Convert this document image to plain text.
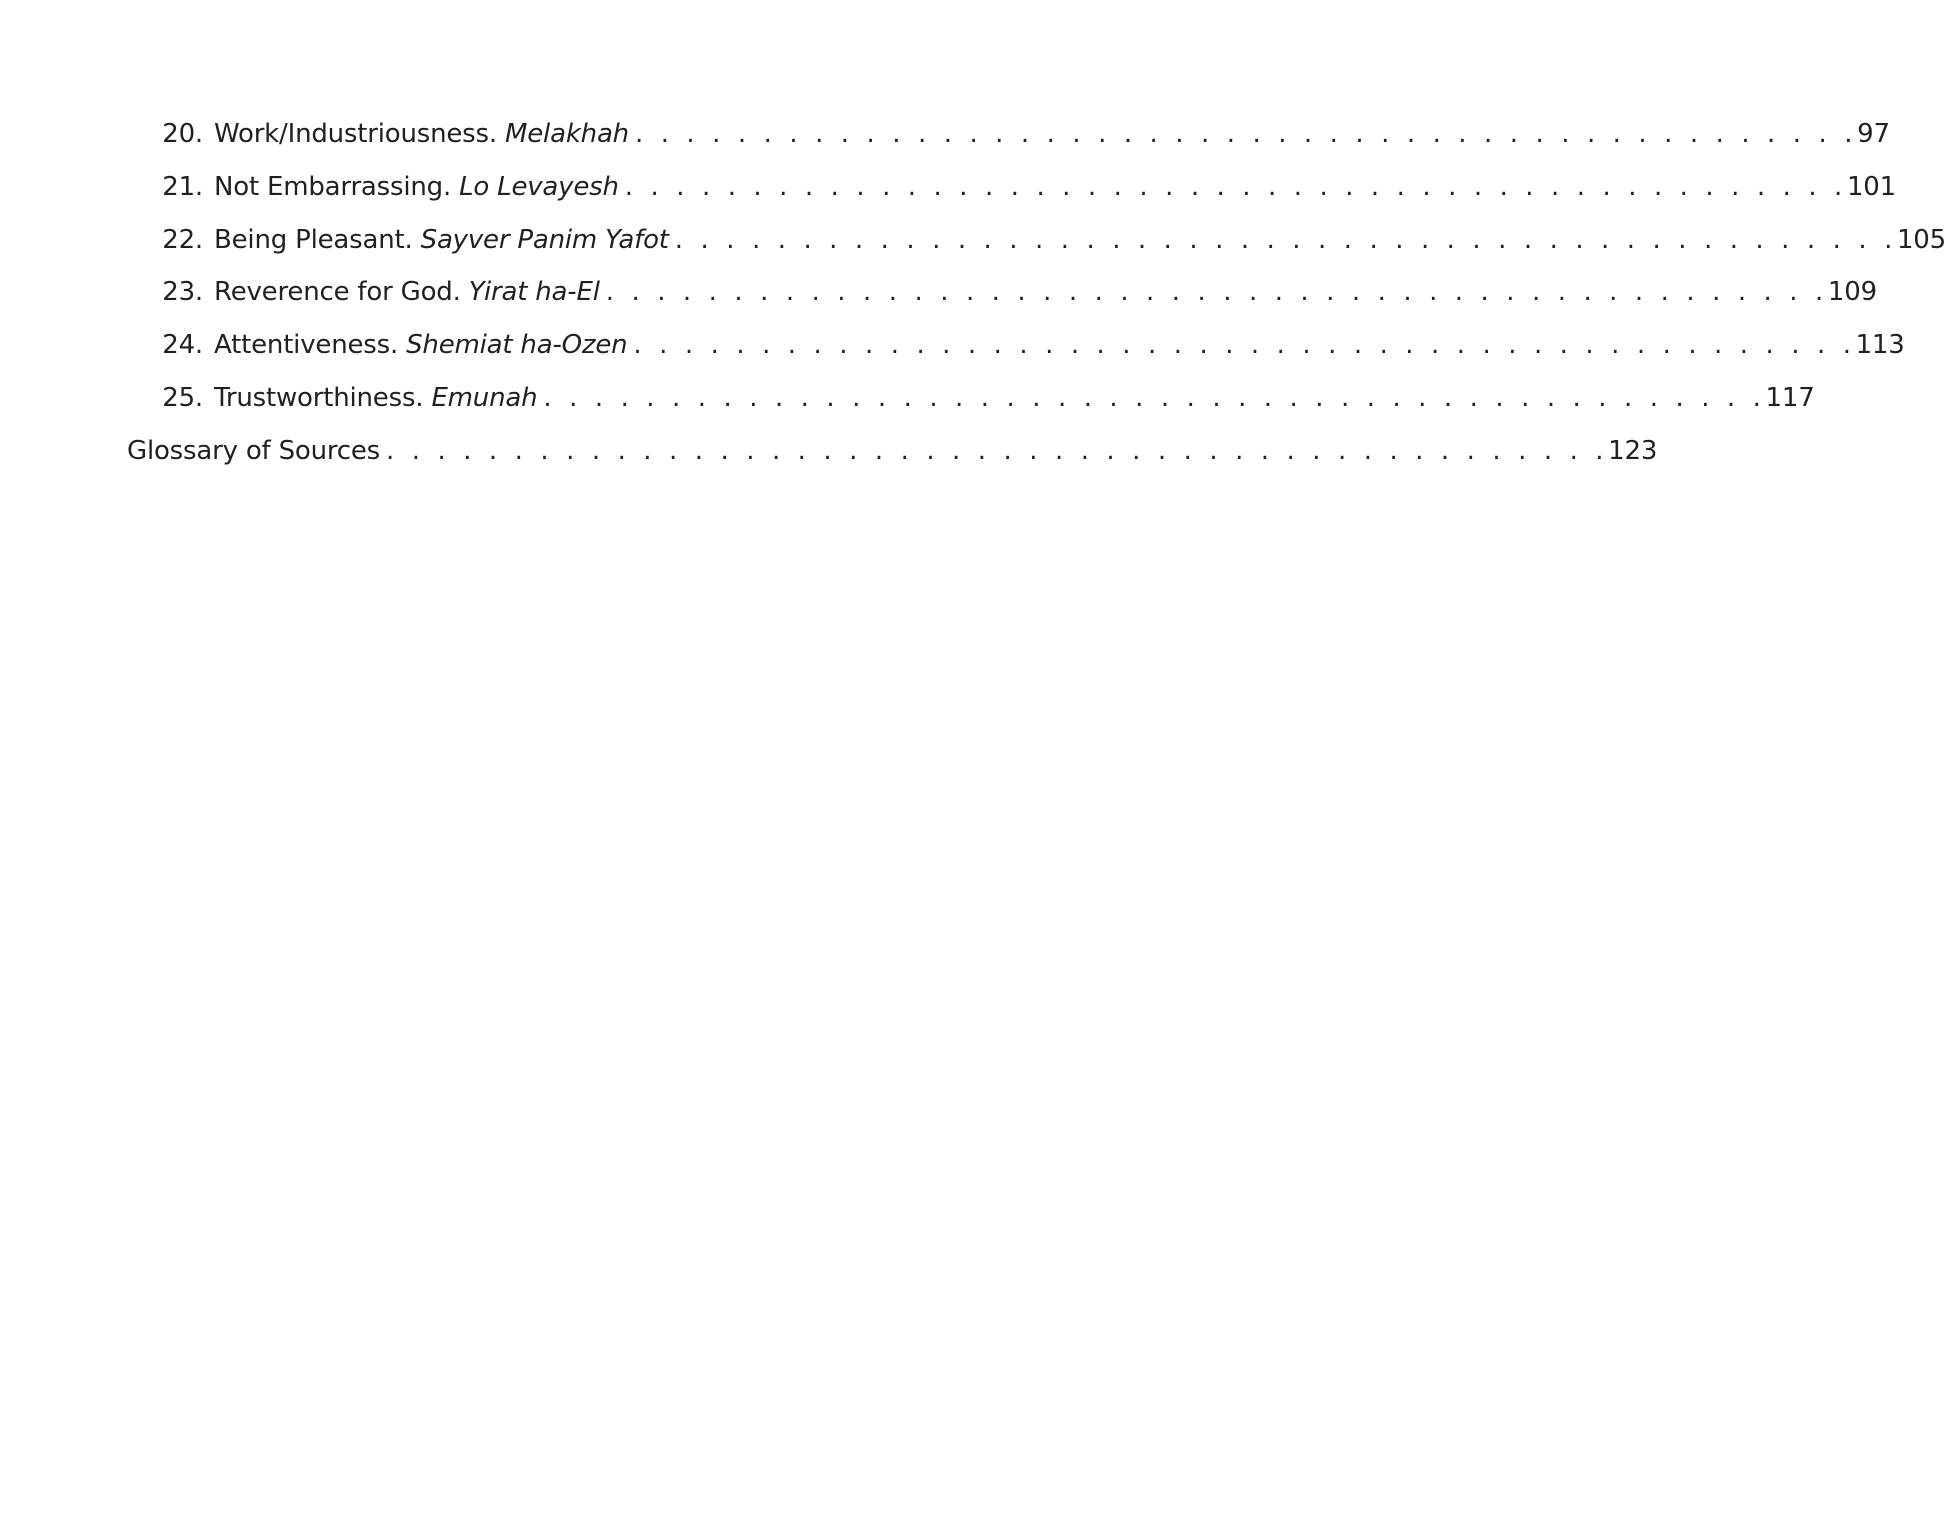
20. Work/Industriousness.
Melakhah . . . . . . . . . . . . . . . . . . . . . . . . . . . . . . . . . . . . . . . . . . . . . . . . 97
21. Not Embarrassing.
Lo Levayesh . . . . . . . . . . . . . . . . . . . . . . . . . . . . . . . . . . . . . . . . . . . . . . . . 101
22. Being Pleasant.
Sayver Panim Yafot . . . . . . . . . . . . . . . . . . . . . . . . . . . . . . . . . . . . . . . . . . . . . . . . 105
23. Reverence for God.
Yirat ha-El . . . . . . . . . . . . . . . . . . . . . . . . . . . . . . . . . . . . . . . . . . . . . . . . 109
24. Attentiveness.
Shemiat ha-Ozen . . . . . . . . . . . . . . . . . . . . . . . . . . . . . . . . . . . . . . . . . . . . . . . . 113
25. Trustworthiness.
Emunah . . . . . . . . . . . . . . . . . . . . . . . . . . . . . . . . . . . . . . . . . . . . . . . . 117
Glossary of Sources . . . . . . . . . . . . . . . . . . . . . . . . . . . . . . . . . . . . . . . . . . . . . . . . 123
